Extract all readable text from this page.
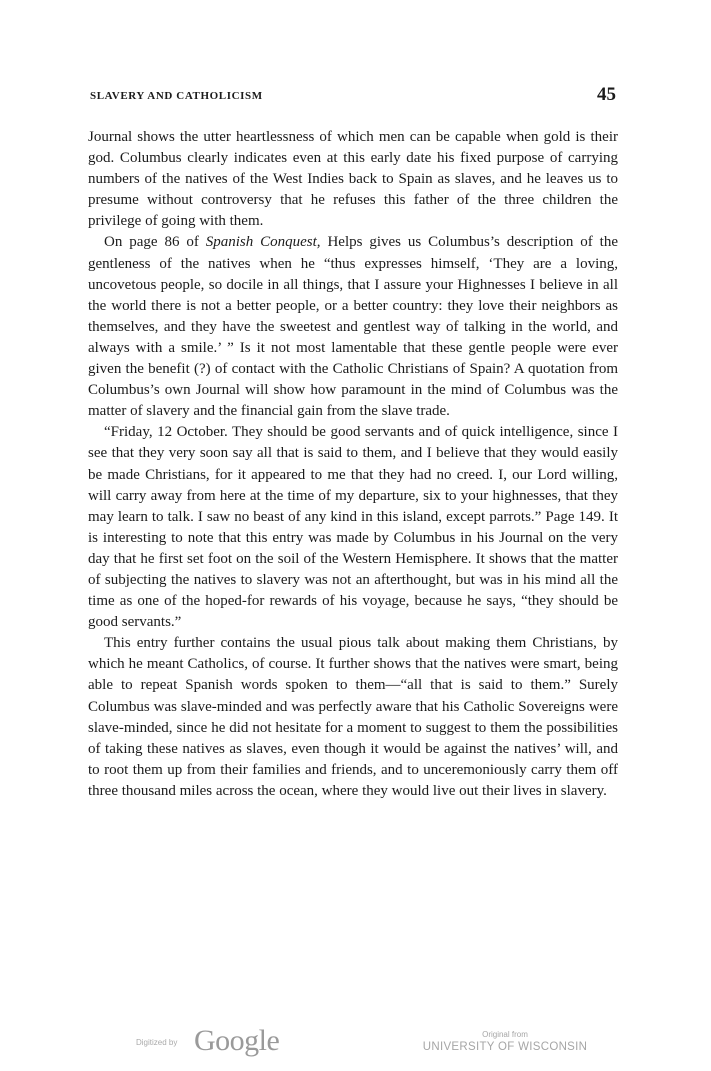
SLAVERY AND CATHOLICISM	45

Journal shows the utter heartlessness of which men can be capable when gold is their god. Columbus clearly indicates even at this early date his fixed purpose of carrying numbers of the natives of the West Indies back to Spain as slaves, and he leaves us to presume without controversy that he refuses this father of the three children the privilege of going with them.

On page 86 of Spanish Conquest, Helps gives us Columbus’s description of the gentleness of the natives when he “thus expresses himself, ‘They are a loving, uncovetous people, so docile in all things, that I assure your Highnesses I believe in all the world there is not a better people, or a better country: they love their neighbors as themselves, and they have the sweetest and gentlest way of talking in the world, and always with a smile.’ ” Is it not most lamentable that these gentle people were ever given the benefit (?) of contact with the Catholic Christians of Spain? A quotation from Columbus’s own Journal will show how paramount in the mind of Columbus was the matter of slavery and the financial gain from the slave trade.

“Friday, 12 October. They should be good servants and of quick intelligence, since I see that they very soon say all that is said to them, and I believe that they would easily be made Christians, for it appeared to me that they had no creed. I, our Lord willing, will carry away from here at the time of my departure, six to your highnesses, that they may learn to talk. I saw no beast of any kind in this island, except parrots.” Page 149. It is interesting to note that this entry was made by Columbus in his Journal on the very day that he first set foot on the soil of the Western Hemisphere. It shows that the matter of subjecting the natives to slavery was not an afterthought, but was in his mind all the time as one of the hoped-for rewards of his voyage, because he says, “they should be good servants.”

This entry further contains the usual pious talk about making them Christians, by which he meant Catholics, of course. It further shows that the natives were smart, being able to repeat Spanish words spoken to them—“all that is said to them.” Surely Columbus was slave-minded and was perfectly aware that his Catholic Sovereigns were slave-minded, since he did not hesitate for a moment to suggest to them the possibilities of taking these natives as slaves, even though it would be against the natives’ will, and to root them up from their families and friends, and to unceremoniously carry them off three thousand miles across the ocean, where they would live out their lives in slavery.

Digitized by Google	Original from
UNIVERSITY OF WISCONSIN
